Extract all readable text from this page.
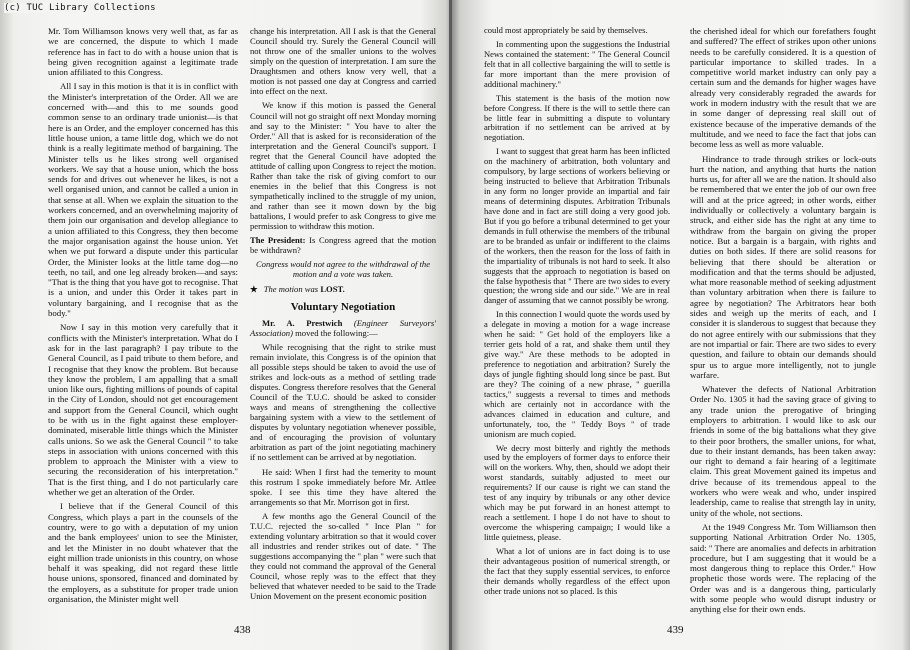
Mr. Tom Williamson knows very well that, as far as we are concerned, the dispute to which I made reference has in fact to do with a house union that is being given recognition against a legitimate trade union affiliated to this Congress.

All I say in this motion is that it is in conflict with the Minister's interpretation of the Order. All we are concerned with—and this to me sounds good common sense to an ordinary trade unionist—is that here is an Order, and the employer concerned has this little house union, a tame little dog, which we do not think is a really legitimate method of bargaining. The Minister tells us he likes strong well organised workers. We say that a house union, which the boss sends for and drives out whenever he likes, is not a well organised union, and cannot be called a union in that sense at all. When we explain the situation to the workers concerned, and an overwhelming majority of them join our organisation and develop allegiance to a union affiliated to this Congress, they then become the major organisation against the house union. Yet when we put forward a dispute under this particular Order, the Minister looks at the little tame dog—no teeth, no tail, and one leg already broken—and says: "That is the thing that you have got to recognise. That is a union, and under this Order it takes part in voluntary bargaining, and I recognise that as the body."

Now I say in this motion very carefully that it conflicts with the Minister's interpretation. What do I ask for in the last paragraph? I pay tribute to the General Council, as I paid tribute to them before, and I recognise that they know the problem. But because they know the problem, I am appalling that a small union like ours, fighting millions of pounds of capital in the City of London, should not get encouragement and support from the General Council, which ought to be with us in the fight against these employer-dominated, miserable little things which the Minister calls unions. So we ask the General Council " to take steps in association with unions concerned with this problem to approach the Minister with a view to securing the reconsideration of his interpretation." That is the first thing, and I do not particularly care whether we get an alteration of the Order.

I believe that if the General Council of this Congress, which plays a part in the counsels of the country, were to go with a deputation of my union and the bank employees' union to see the Minister, and let the Minister in no doubt whatever that the eight million trade unionists in this country, on whose behalf it was speaking, did not regard these little house unions, sponsored, financed and dominated by the employers, as a substitute for proper trade union organisation, the Minister might well

change his interpretation. All I ask is that the General Council should try. Surely the General Council will not throw one of the smaller unions to the wolves simply on the question of interpretation. I am sure the Draughtsmen and others know very well, that a motion is not passed one day at Congress and carried into effect on the next.

We know if this motion is passed the General Council will not go straight off next Monday morning and say to the Minister: " You have to alter the Order." All that is asked for is reconsideration of the interpretation and the General Council's support. I regret that the General Council have adopted the attitude of calling upon Congress to reject the motion. Rather than take the risk of giving comfort to our enemies in the belief that this Congress is not sympathetically inclined to the struggle of my union, and rather than see it mown down by the big battalions, I would prefer to ask Congress to give me permission to withdraw this motion.

The President: Is Congress agreed that the motion be withdrawn?

Congress would not agree to the withdrawal of the motion and a vote was taken.

★ The motion was LOST.

Voluntary Negotiation

Mr. A. Prestwich (Engineer Surveyors' Association) moved the following:—

While recognising that the right to strike must remain inviolate, this Congress is of the opinion that all possible steps should be taken to avoid the use of strikes and lock-outs as a method of settling trade disputes. Congress therefore resolves that the General Council of the T.U.C. should be asked to consider ways and means of strengthening the collective bargaining system with a view to the settlement of disputes by voluntary negotiation whenever possible, and of encouraging the provision of voluntary arbitration as part of the joint negotiating machinery if no settlement can be arrived at by negotiation.

He said: When I first had the temerity to mount this rostrum I spoke immediately before Mr. Attlee spoke. I see this time they have altered the arrangements so that Mr. Morrison got in first.

A few months ago the General Council of the T.U.C. rejected the so-called " Ince Plan " for extending voluntary arbitration so that it would cover all industries and render strikes out of date. " The suggestions accompanying the " plan " were such that they could not command the approval of the General Council, whose reply was to the effect that they believed that whatever needed to be said to the Trade Union Movement on the present economic position

438

could most appropriately be said by themselves.

In commenting upon the suggestions the Industrial News contained the statement: " The General Council felt that in all collective bargaining the will to settle is far more important than the mere provision of additional machinery."

This statement is the basis of the motion now before Congress. If there is the will to settle there can be little fear in submitting a dispute to voluntary arbitration if no settlement can be arrived at by negotiation.

I want to suggest that great harm has been inflicted on the machinery of arbitration, both voluntary and compulsory, by large sections of workers believing or being instructed to believe that Arbitration Tribunals in any form no longer provide an impartial and fair means of determining disputes. Arbitration Tribunals have done and in fact are still doing a very good job. But if you go before a tribunal determined to get your demands in full otherwise the members of the tribunal are to be branded as unfair or indifferent to the claims of the workers, then the reason for the loss of faith in the impartiality of tribunals is not hard to seek. It also suggests that the approach to negotiation is based on the false hypothesis that " There are two sides to every question; the wrong side and our side." We are in real danger of assuming that we cannot possibly be wrong.

In this connection I would quote the words used by a delegate in moving a motion for a wage increase when he said: " Get hold of the employers like a terrier gets hold of a rat, and shake them until they give way." Are these methods to be adopted in preference to negotiation and arbitration? Surely the days of jungle fighting should long since be past. But are they? The coining of a new phrase, " guerilla tactics," suggests a reversal to times and methods which are certainly not in accordance with the advances claimed in education and culture, and unfortunately, too, the " Teddy Boys " of trade unionism are much copied.

We decry most bitterly and rightly the methods used by the employers of former days to enforce their will on the workers. Why, then, should we adopt their worst standards, suitably adjusted to meet our requirements? If our cause is right we can stand the test of any inquiry by tribunals or any other device which may be put forward in an honest attempt to reach a settlement. I hope I do not have to shout to overcome the whispering campaign; I would like a little quietness, please.

What a lot of unions are in fact doing is to use their advantageous position of numerical strength, or the fact that they supply essential services, to enforce their demands wholly regardless of the effect upon other trade unions not so placed. Is this

the cherished ideal for which our forefathers fought and suffered? The effect of strikes upon other unions needs to be carefully considered. It is a question of particular importance to skilled trades. In a competitive world market industry can only pay a certain sum and the demands for higher wages have already very considerably regraded the awards for work in modern industry with the result that we are in some danger of depressing real skill out of existence because of the imperative demands of the multitude, and we need to face the fact that jobs can become less as well as more valuable.

Hindrance to trade through strikes or lock-outs hurt the nation, and anything that hurts the nation hurts us, for after all we are the nation. It should also be remembered that we enter the job of our own free will and at the price agreed; in other words, either individually or collectively a voluntary bargain is struck, and either side has the right at any time to withdraw from the bargain on giving the proper notice. But a bargain is a bargain, with rights and duties on both sides. If there are solid reasons for believing that there should be alteration or modification and that the terms should be adjusted, what more reasonable method of seeking adjustment than voluntary arbitration when there is failure to agree by negotiation? The Arbitrators hear both sides and weigh up the merits of each, and I consider it is slanderous to suggest that because they do not agree entirely with our submissions that they are not impartial or fair. There are two sides to every question, and failure to obtain our demands should spur us to argue more intelligently, not to jungle warfare.

Whatever the defects of National Arbitration Order No. 1305 it had the saving grace of giving to any trade union the prerogative of bringing employers to arbitration. I would like to ask our friends in some of the big battalions what they give to their poor brothers, the smaller unions, for what, due to their instant demands, has been taken away: our right to demand a fair hearing of a legitimate claim. This great Movement gained its impetus and drive because of its tremendous appeal to the workers who were weak and who, under inspired leadership, came to realise that strength lay in unity, unity of the whole, not sections.

At the 1949 Congress Mr. Tom Williamson then supporting National Arbitration Order No. 1305, said: " There are anomalies and defects in arbitration procedure, but I am suggesting that it would be a most dangerous thing to replace this Order." How prophetic those words were. The replacing of the Order was and is a dangerous thing, particularly with some people who would disrupt industry or anything else for their own ends.

439
(c) TUC Library Collections
